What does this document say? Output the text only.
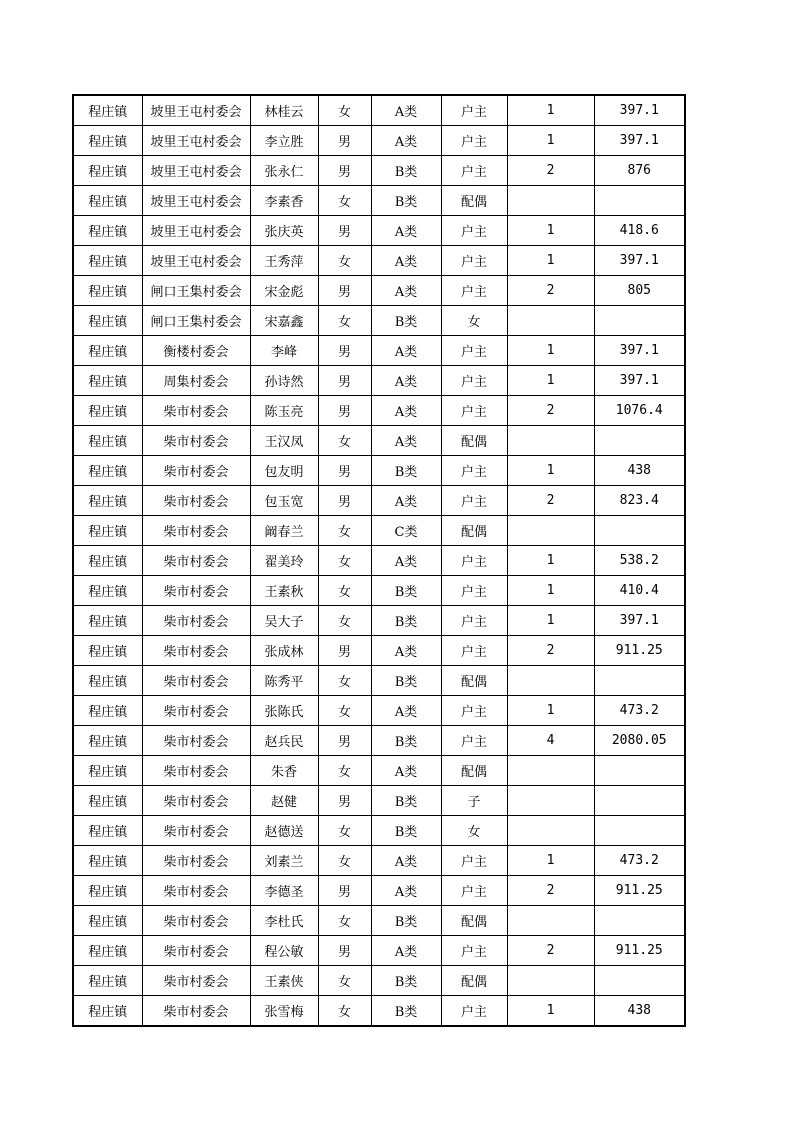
程庄镇	坡里王屯村委会	林桂云	女	A类	户主	1	397.1
程庄镇	坡里王屯村委会	李立胜	男	A类	户主	1	397.1
程庄镇	坡里王屯村委会	张永仁	男	B类	户主	2	876
程庄镇	坡里王屯村委会	李素香	女	B类	配偶		
程庄镇	坡里王屯村委会	张庆英	男	A类	户主	1	418.6
程庄镇	坡里王屯村委会	王秀萍	女	A类	户主	1	397.1
程庄镇	闸口王集村委会	宋金彪	男	A类	户主	2	805
程庄镇	闸口王集村委会	宋嘉鑫	女	B类	女		
程庄镇	衡楼村委会	李峰	男	A类	户主	1	397.1
程庄镇	周集村委会	孙诗然	男	A类	户主	1	397.1
程庄镇	柴市村委会	陈玉亮	男	A类	户主	2	1076.4
程庄镇	柴市村委会	王汉凤	女	A类	配偶		
程庄镇	柴市村委会	包友明	男	B类	户主	1	438
程庄镇	柴市村委会	包玉宽	男	A类	户主	2	823.4
程庄镇	柴市村委会	阚春兰	女	C类	配偶		
程庄镇	柴市村委会	翟美玲	女	A类	户主	1	538.2
程庄镇	柴市村委会	王素秋	女	B类	户主	1	410.4
程庄镇	柴市村委会	吴大子	女	B类	户主	1	397.1
程庄镇	柴市村委会	张成林	男	A类	户主	2	911.25
程庄镇	柴市村委会	陈秀平	女	B类	配偶		
程庄镇	柴市村委会	张陈氏	女	A类	户主	1	473.2
程庄镇	柴市村委会	赵兵民	男	B类	户主	4	2080.05
程庄镇	柴市村委会	朱香	女	A类	配偶		
程庄镇	柴市村委会	赵健	男	B类	子		
程庄镇	柴市村委会	赵德送	女	B类	女		
程庄镇	柴市村委会	刘素兰	女	A类	户主	1	473.2
程庄镇	柴市村委会	李德圣	男	A类	户主	2	911.25
程庄镇	柴市村委会	李杜氏	女	B类	配偶		
程庄镇	柴市村委会	程公敏	男	A类	户主	2	911.25
程庄镇	柴市村委会	王素侠	女	B类	配偶		
程庄镇	柴市村委会	张雪梅	女	B类	户主	1	438
